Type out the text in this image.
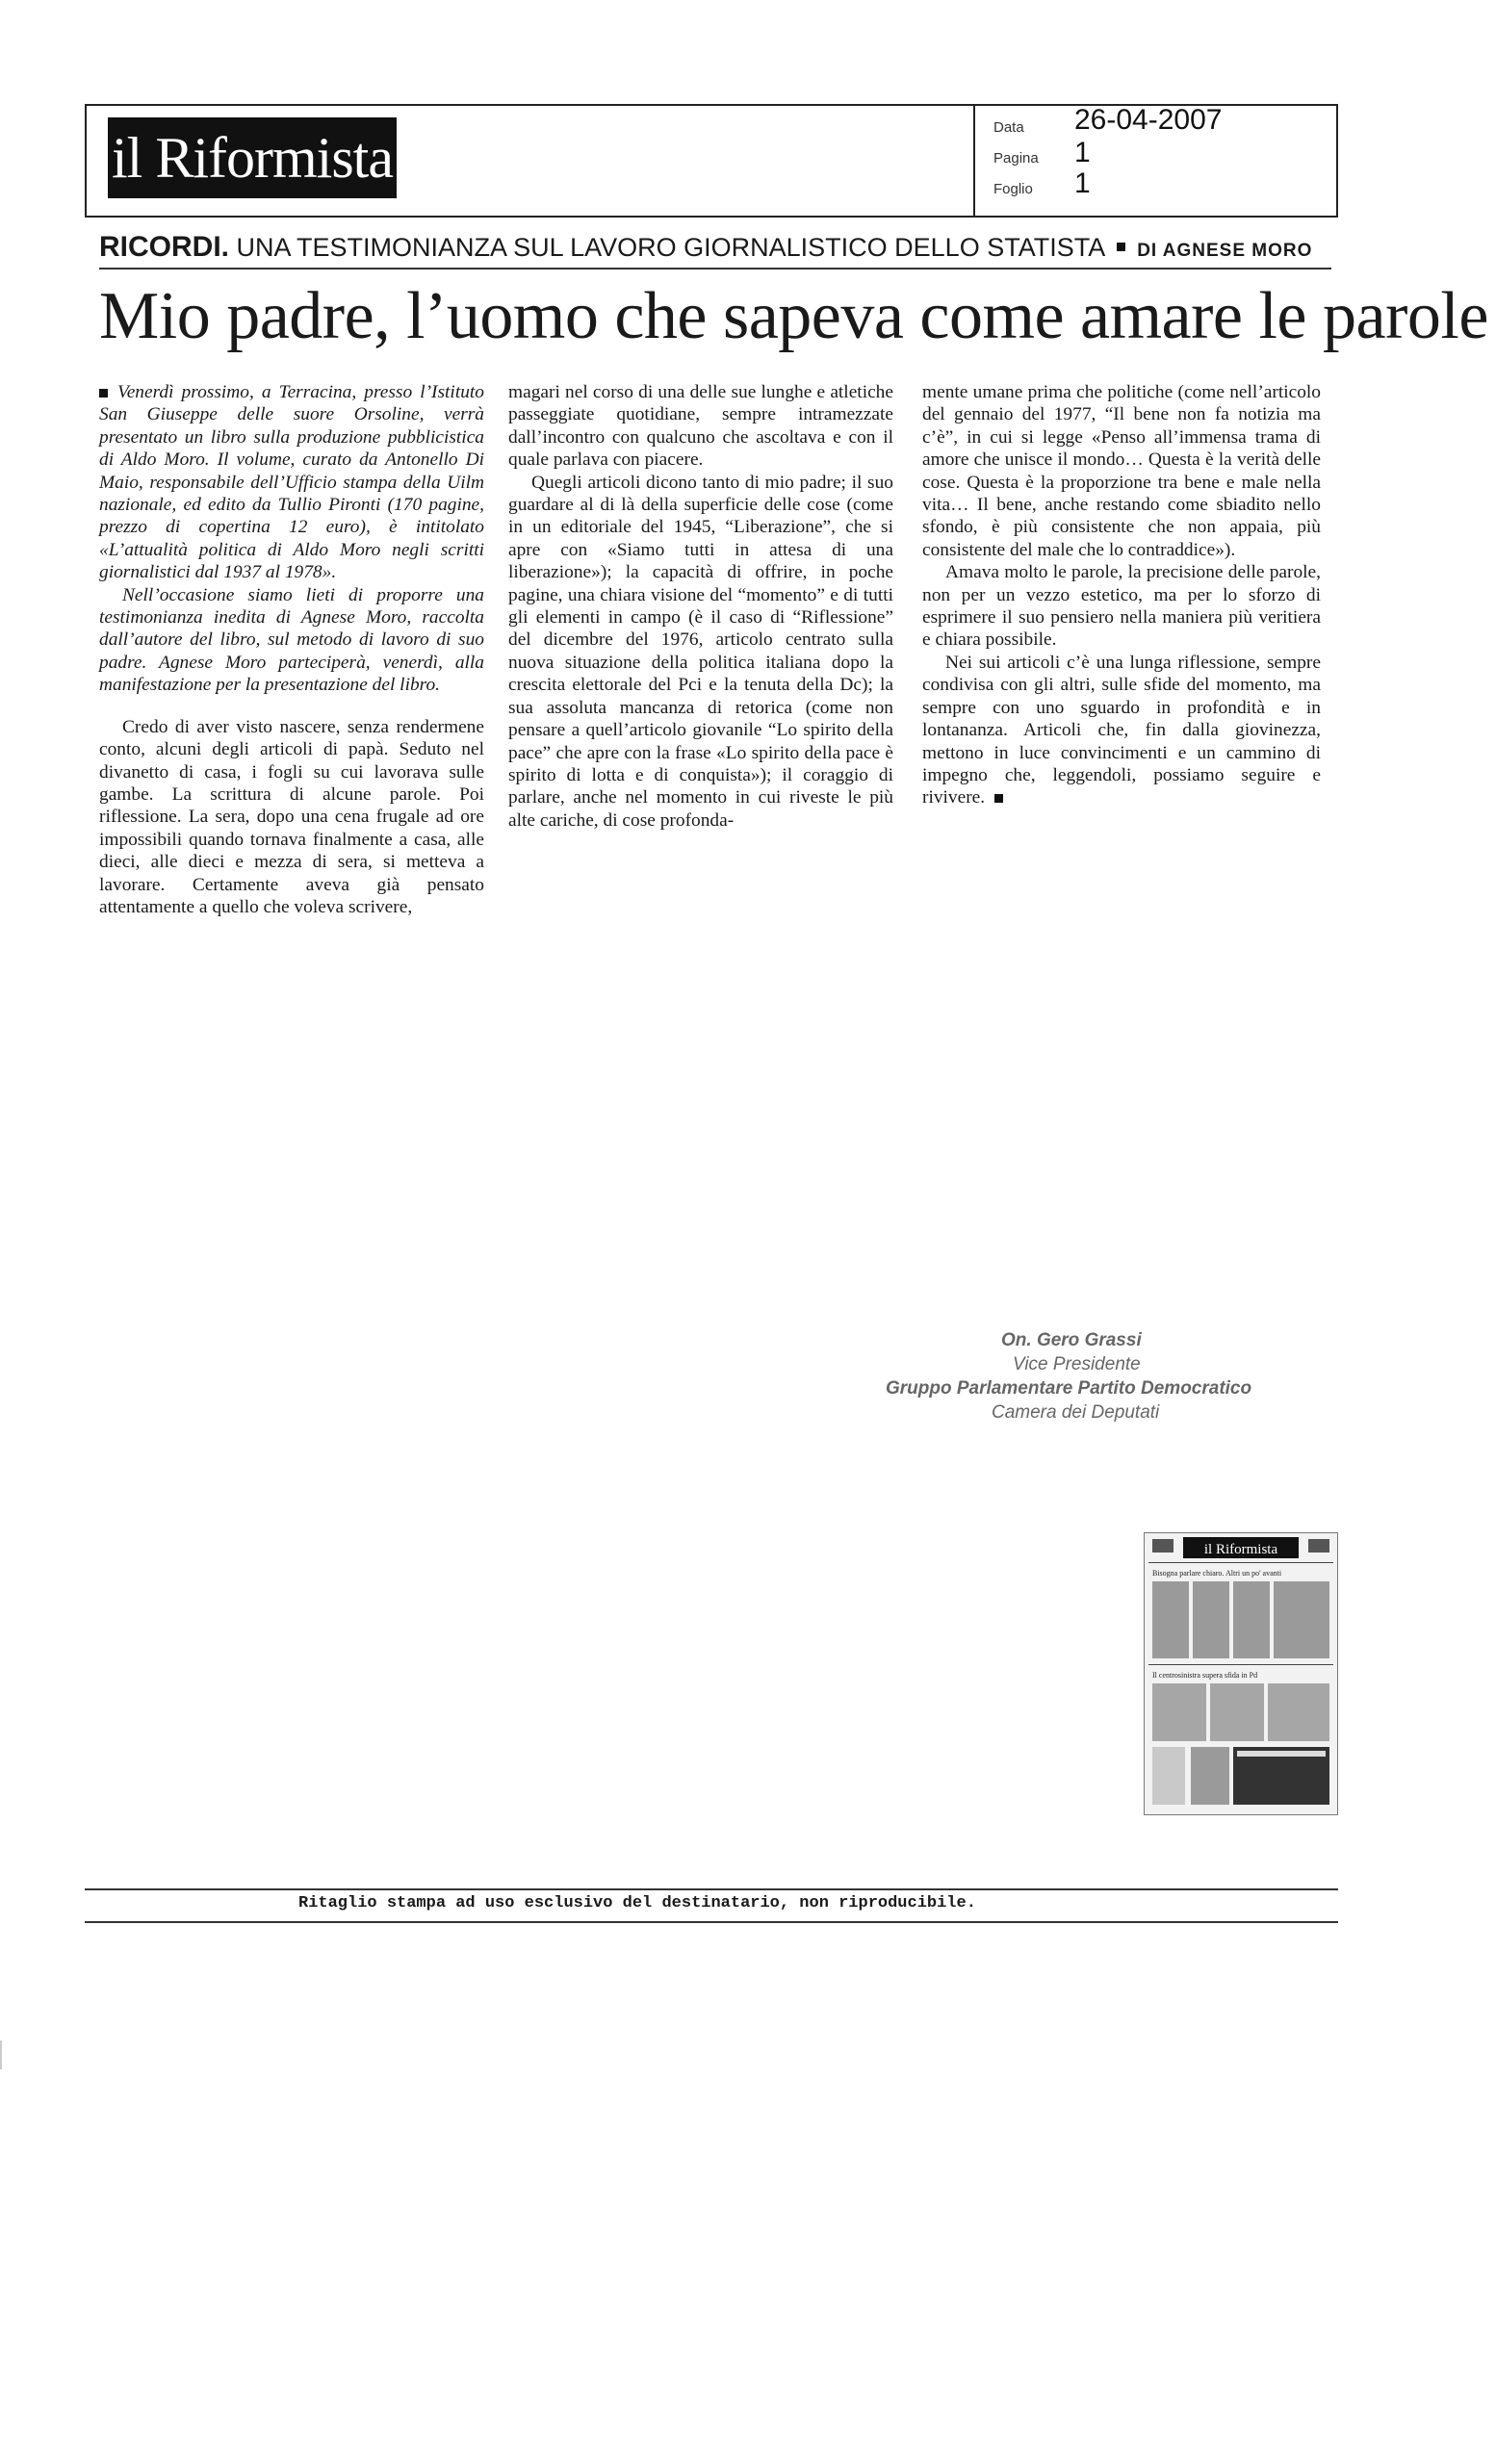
il Riformista	Data 26-04-2007
Pagina 1
Foglio 1
RICORDI. UNA TESTIMONIANZA SUL LAVORO GIORNALISTICO DELLO STATISTA DI AGNESE MORO
Mio padre, l’uomo che sapeva come amare le parole

Venerdì prossimo, a Terracina, presso l’Istituto San Giuseppe delle suore Orsoline, verrà presentato un libro sulla produzione pubblicistica di Aldo Moro. Il volume, curato da Antonello Di Maio, responsabile dell’Ufficio stampa della Uilm nazionale, ed edito da Tullio Pironti (170 pagine, prezzo di copertina 12 euro), è intitolato «L’attualità politica di Aldo Moro negli scritti giornalistici dal 1937 al 1978».

Nell’occasione siamo lieti di proporre una testimonianza inedita di Agnese Moro, raccolta dall’autore del libro, sul metodo di lavoro di suo padre. Agnese Moro parteciperà, venerdì, alla manifestazione per la presentazione del libro.

Credo di aver visto nascere, senza rendermene conto, alcuni degli articoli di papà. Seduto nel divanetto di casa, i fogli su cui lavorava sulle gambe. La scrittura di alcune parole. Poi riflessione. La sera, dopo una cena frugale ad ore impossibili quando tornava finalmente a casa, alle dieci, alle dieci e mezza di sera, si metteva a lavorare. Certamente aveva già pensato attentamente a quello che voleva scrivere,

magari nel corso di una delle sue lunghe e atletiche passeggiate quotidiane, sempre intramezzate dall’incontro con qualcuno che ascoltava e con il quale parlava con piacere.

Quegli articoli dicono tanto di mio padre; il suo guardare al di là della superficie delle cose (come in un editoriale del 1945, “Liberazione”, che si apre con «Siamo tutti in attesa di una liberazione»); la capacità di offrire, in poche pagine, una chiara visione del “momento” e di tutti gli elementi in campo (è il caso di “Riflessione” del dicembre del 1976, articolo centrato sulla nuova situazione della politica italiana dopo la crescita elettorale del Pci e la tenuta della Dc); la sua assoluta mancanza di retorica (come non pensare a quell’articolo giovanile “Lo spirito della pace” che apre con la frase «Lo spirito della pace è spirito di lotta e di conquista»); il coraggio di parlare, anche nel momento in cui riveste le più alte cariche, di cose profonda-

mente umane prima che politiche (come nell’articolo del gennaio del 1977, “Il bene non fa notizia ma c’è”, in cui si legge «Penso all’immensa trama di amore che unisce il mondo… Questa è la verità delle cose. Questa è la proporzione tra bene e male nella vita… Il bene, anche restando come sbiadito nello sfondo, è più consistente che non appaia, più consistente del male che lo contraddice»).

Amava molto le parole, la precisione delle parole, non per un vezzo estetico, ma per lo sforzo di esprimere il suo pensiero nella maniera più veritiera e chiara possibile.

Nei sui articoli c’è una lunga riflessione, sempre condivisa con gli altri, sulle sfide del momento, ma sempre con uno sguardo in profondità e in lontananza. Articoli che, fin dalla giovinezza, mettono in luce convincimenti e un cammino di impegno che, leggendoli, possiamo seguire e rivivere.

On. Gero Grassi
Vice Presidente
Gruppo Parlamentare Partito Democratico
Camera dei Deputati
il Riformista
Bisogna parlare chiaro. Altri un po' avanti
Il centrosinistra supera sfida in Pd
Ritaglio stampa ad uso esclusivo del destinatario, non riproducibile.
